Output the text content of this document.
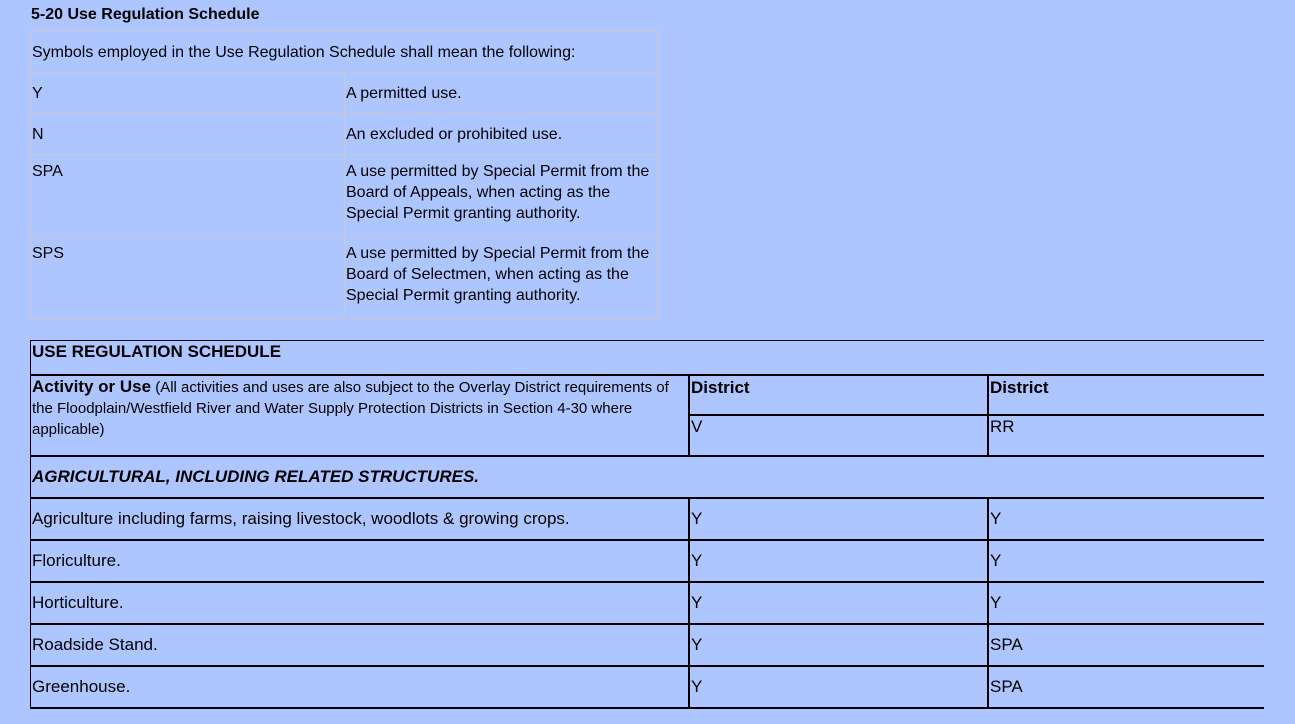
5-20 Use Regulation Schedule
Symbols employed in the Use Regulation Schedule shall mean the following:	
Y	A permitted use.
N	An excluded or prohibited use.
SPA	A use permitted by Special Permit from the Board of Appeals, when acting as the Special Permit granting authority.
SPS	A use permitted by Special Permit from the Board of Selectmen, when acting as the Special Permit granting authority.
USE REGULATION SCHEDULE		
Activity or Use (All activities and uses are also subject to the Overlay District requirements of the Floodplain/Westfield River and Water Supply Protection Districts in Section 4-30 where applicable)	District	District
	V	RR
AGRICULTURAL, INCLUDING RELATED STRUCTURES.		
Agriculture including farms, raising livestock, woodlots & growing crops.	Y	Y
Floriculture.	Y	Y
Horticulture.	Y	Y
Roadside Stand.	Y	SPA
Greenhouse.	Y	SPA
